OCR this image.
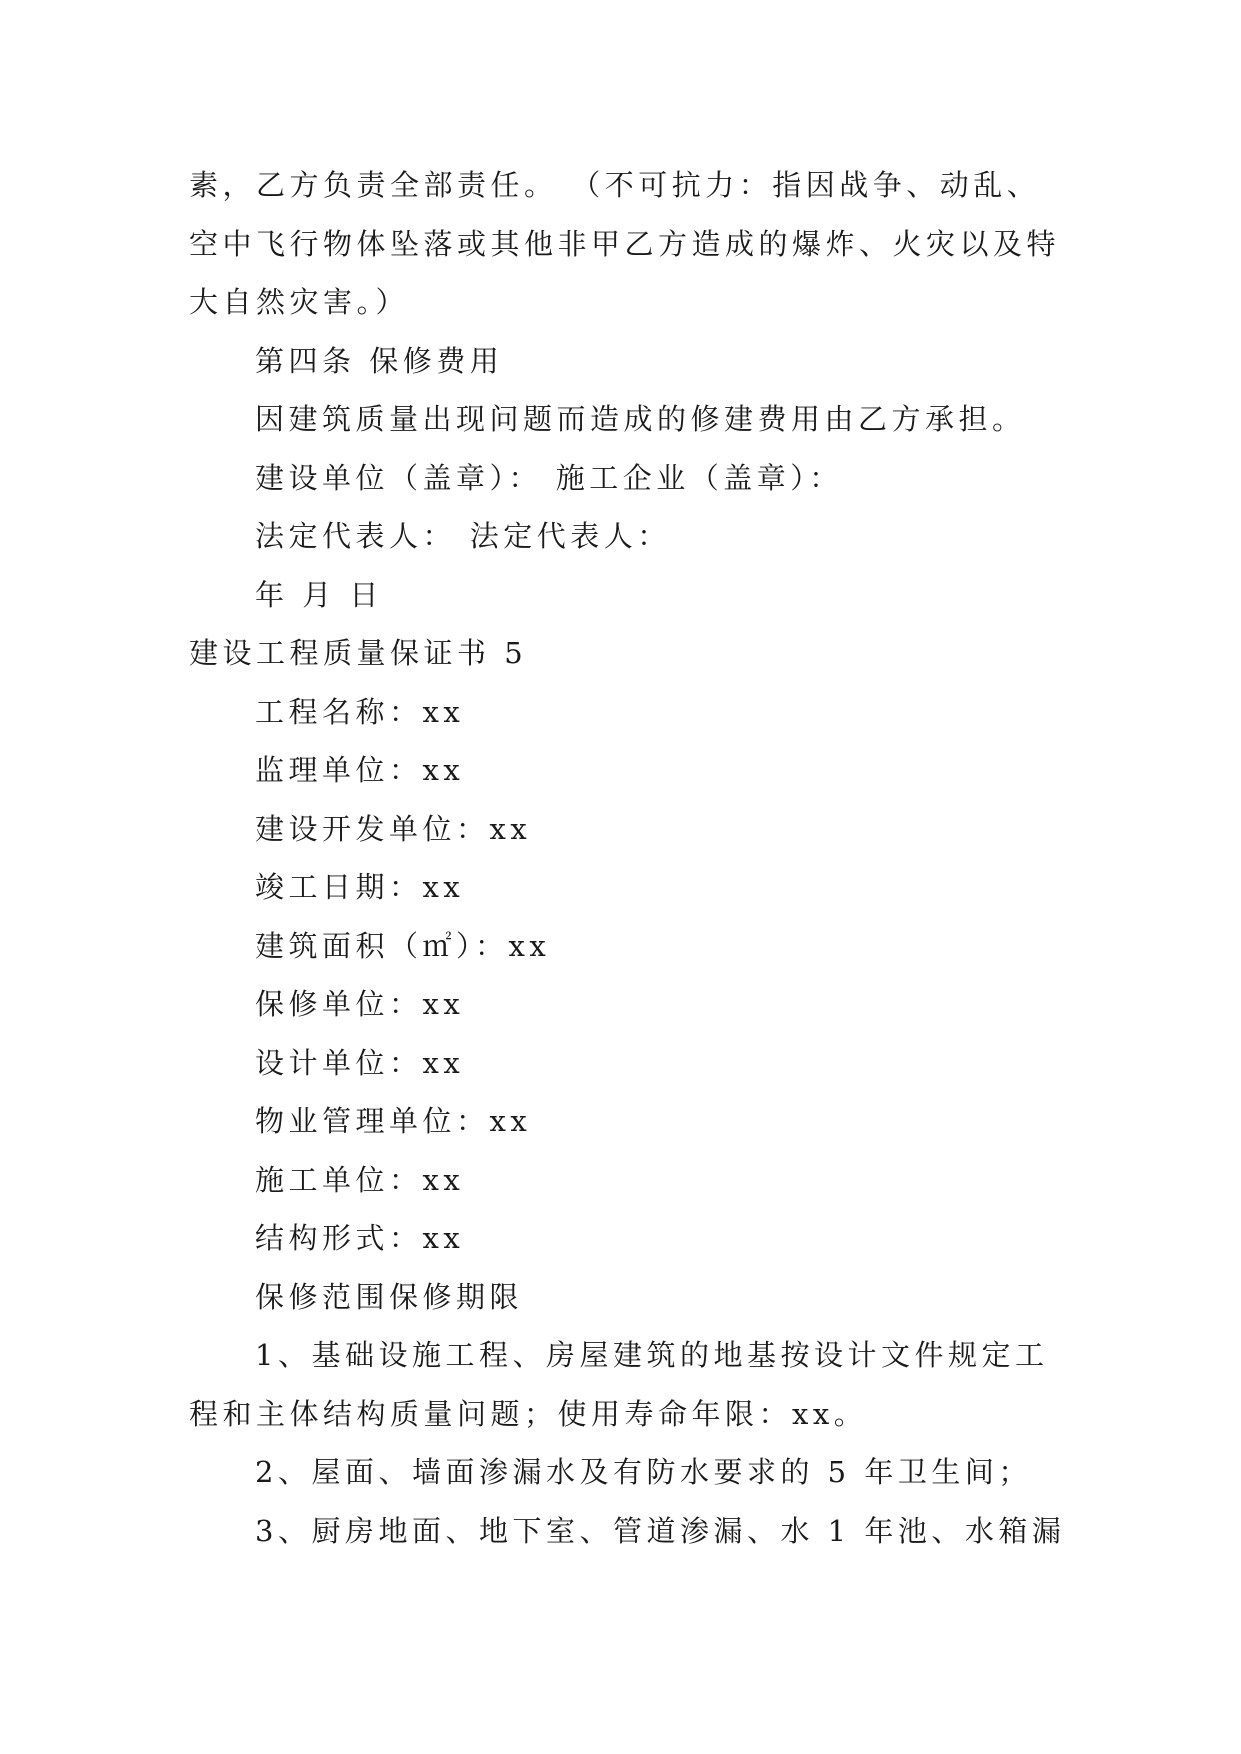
素，乙方负责全部责任。 （不可抗力：指因战争、动乱、

空中飞行物体坠落或其他非甲乙方造成的爆炸、火灾以及特

大自然灾害。）

第四条 保修费用

因建筑质量出现问题而造成的修建费用由乙方承担。

建设单位（盖章）： 施工企业（盖章）：

法定代表人： 法定代表人：

年 月 日

建设工程质量保证书 5

工程名称：xx

监理单位：xx

建设开发单位：xx

竣工日期：xx

建筑面积（㎡）：xx

保修单位：xx

设计单位：xx

物业管理单位：xx

施工单位：xx

结构形式：xx

保修范围保修期限

1、基础设施工程、房屋建筑的地基按设计文件规定工

程和主体结构质量问题；使用寿命年限：xx。

2、屋面、墙面渗漏水及有防水要求的 5 年卫生间；

3、厨房地面、地下室、管道渗漏、水 1 年池、水箱漏
